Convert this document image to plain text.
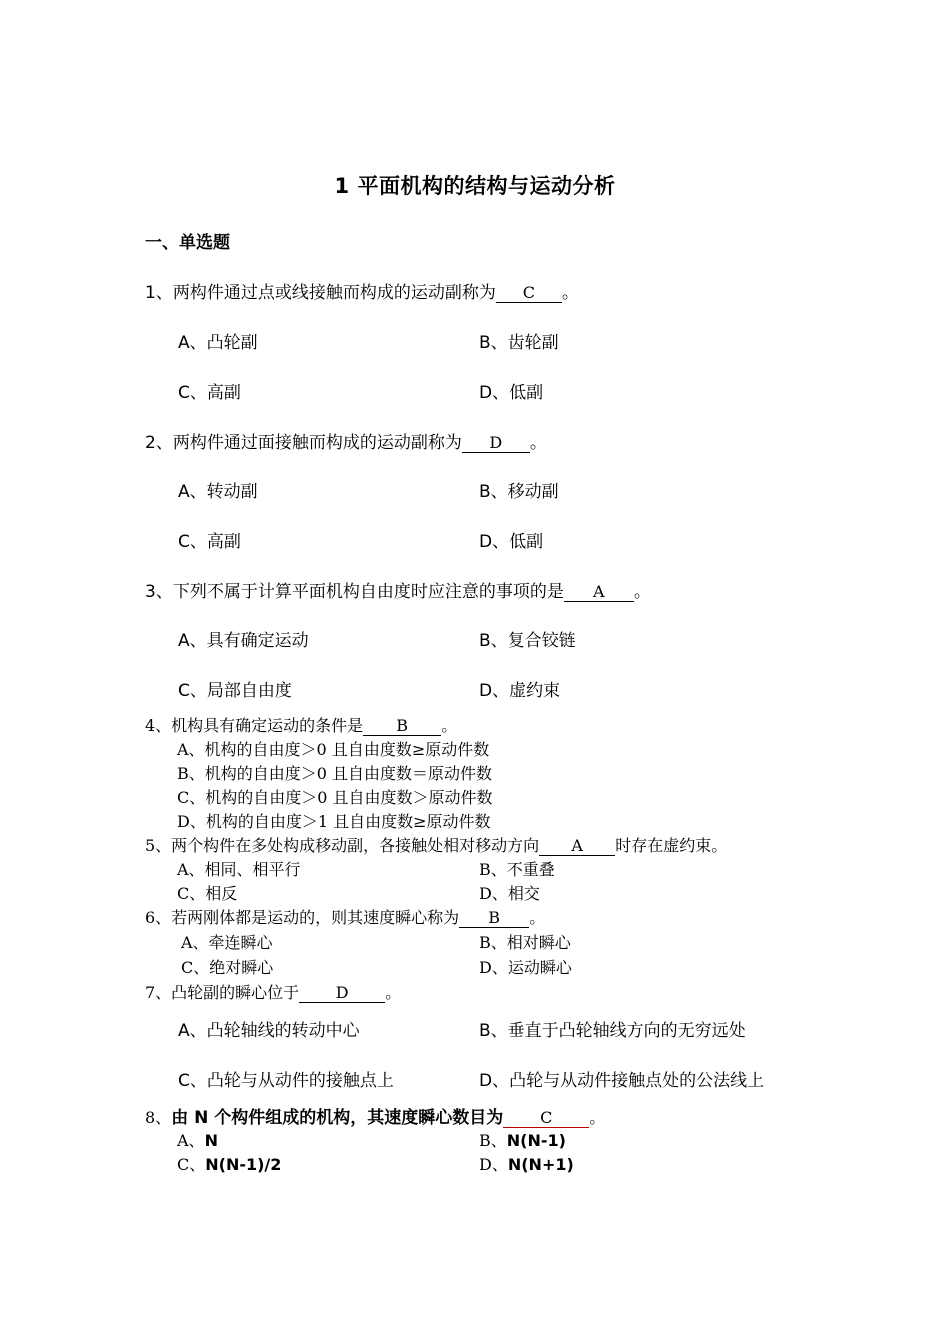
1 平面机构的结构与运动分析
一、单选题
1、两构件通过点或线接触而构成的运动副称为 C 。
A、凸轮副	B、齿轮副
C、高副	D、低副
2、两构件通过面接触而构成的运动副称为 D 。
A、转动副	B、移动副
C、高副	D、低副
3、下列不属于计算平面机构自由度时应注意的事项的是 A 。
A、具有确定运动	B、复合铰链
C、局部自由度	D、虚约束
4、机构具有确定运动的条件是 B 。
A、机构的自由度＞0 且自由度数≥原动件数
B、机构的自由度＞0 且自由度数＝原动件数
C、机构的自由度＞0 且自由度数＞原动件数
D、机构的自由度＞1 且自由度数≥原动件数
5、两个构件在多处构成移动副，各接触处相对移动方向 A 时存在虚约束。
A、相同、相平行	B、不重叠
C、相反	D、相交
6、若两刚体都是运动的，则其速度瞬心称为 B 。
A、牵连瞬心	B、相对瞬心
C、绝对瞬心	D、运动瞬心
7、凸轮副的瞬心位于 D 。
A、凸轮轴线的转动中心	B、垂直于凸轮轴线方向的无穷远处
C、凸轮与从动件的接触点上	D、凸轮与从动件接触点处的公法线上
8、由 N 个构件组成的机构，其速度瞬心数目为 C 。
A、N	B、N(N-1)
C、N(N-1)/2	D、N(N+1)
